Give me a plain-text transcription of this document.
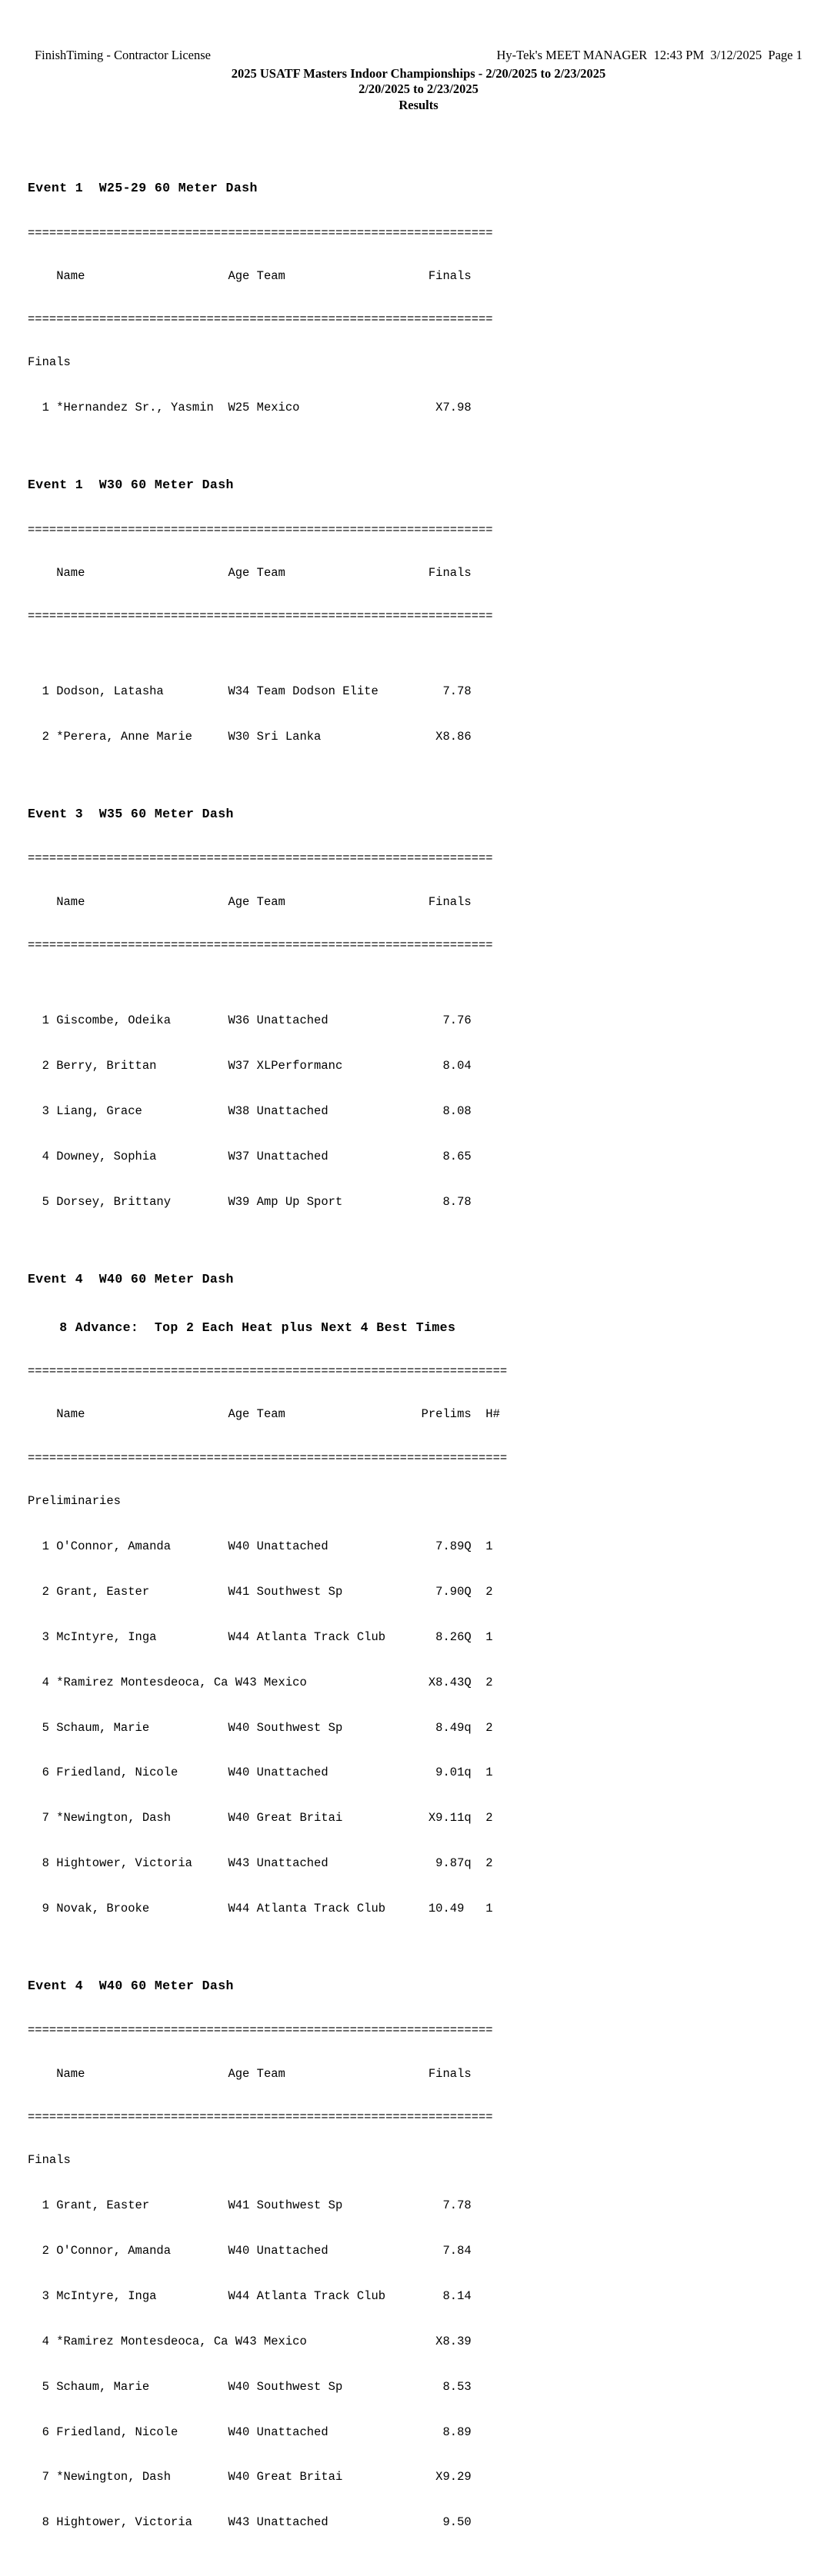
FinishTiming - Contractor License	Hy-Tek's MEET MANAGER  12:43 PM  3/12/2025  Page 1
2025 USATF Masters Indoor Championships - 2/20/2025 to 2/23/2025
2/20/2025 to 2/23/2025
Results

Event 1  W25-29 60 Meter Dash

=================================================================

Name                    Age Team                    Finals

=================================================================

Finals

1 *Hernandez Sr., Yasmin  W25 Mexico                   X7.98

Event 1  W30 60 Meter Dash

=================================================================

Name                    Age Team                    Finals

=================================================================

1 Dodson, Latasha         W34 Team Dodson Elite         7.78

2 *Perera, Anne Marie     W30 Sri Lanka                X8.86

Event 3  W35 60 Meter Dash

=================================================================

Name                    Age Team                    Finals

=================================================================

1 Giscombe, Odeika        W36 Unattached                7.76

2 Berry, Brittan          W37 XLPerformanc              8.04

3 Liang, Grace            W38 Unattached                8.08

4 Downey, Sophia          W37 Unattached                8.65

5 Dorsey, Brittany        W39 Amp Up Sport              8.78

Event 4  W40 60 Meter Dash

8 Advance:  Top 2 Each Heat plus Next 4 Best Times

===================================================================

Name                    Age Team                   Prelims  H#

===================================================================

Preliminaries

1 O'Connor, Amanda        W40 Unattached               7.89Q  1

2 Grant, Easter           W41 Southwest Sp             7.90Q  2

3 McIntyre, Inga          W44 Atlanta Track Club       8.26Q  1

4 *Ramirez Montesdeoca, Ca W43 Mexico                 X8.43Q  2

5 Schaum, Marie           W40 Southwest Sp             8.49q  2

6 Friedland, Nicole       W40 Unattached               9.01q  1

7 *Newington, Dash        W40 Great Britai            X9.11q  2

8 Hightower, Victoria     W43 Unattached               9.87q  2

9 Novak, Brooke           W44 Atlanta Track Club      10.49   1

Event 4  W40 60 Meter Dash

=================================================================

Name                    Age Team                    Finals

=================================================================

Finals

1 Grant, Easter           W41 Southwest Sp              7.78

2 O'Connor, Amanda        W40 Unattached                7.84

3 McIntyre, Inga          W44 Atlanta Track Club        8.14

4 *Ramirez Montesdeoca, Ca W43 Mexico                  X8.39

5 Schaum, Marie           W40 Southwest Sp              8.53

6 Friedland, Nicole       W40 Unattached                8.89

7 *Newington, Dash        W40 Great Britai             X9.29

8 Hightower, Victoria     W43 Unattached                9.50
